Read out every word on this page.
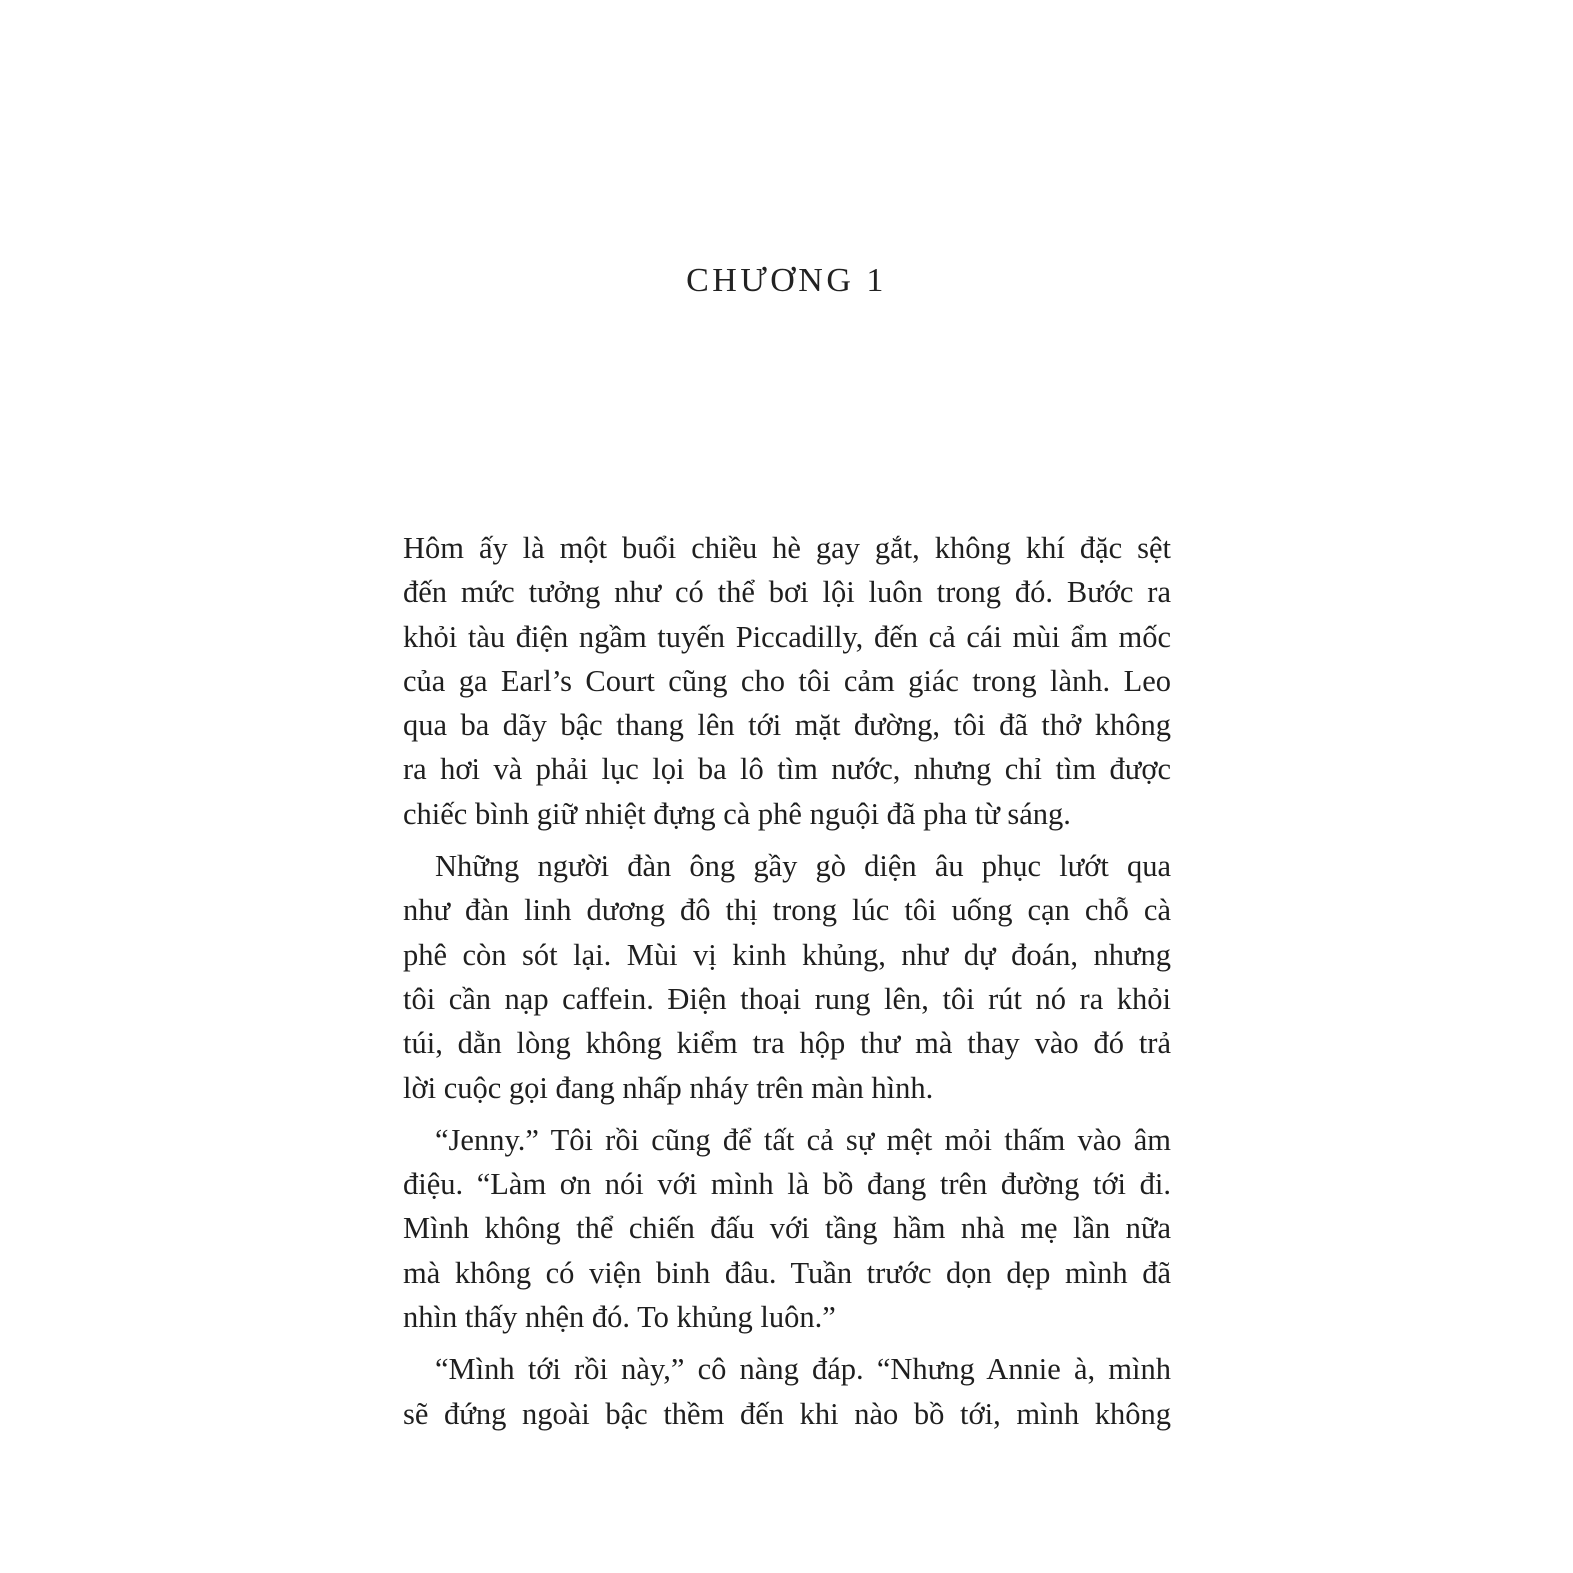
CHƯƠNG 1

Hôm ấy là một buổi chiều hè gay gắt, không khí đặc sệt
đến mức tưởng như có thể bơi lội luôn trong đó. Bước ra
khỏi tàu điện ngầm tuyến Piccadilly, đến cả cái mùi ẩm mốc
của ga Earl’s Court cũng cho tôi cảm giác trong lành. Leo
qua ba dãy bậc thang lên tới mặt đường, tôi đã thở không
ra hơi và phải lục lọi ba lô tìm nước, nhưng chỉ tìm được
chiếc bình giữ nhiệt đựng cà phê nguội đã pha từ sáng.

Những người đàn ông gầy gò diện âu phục lướt qua
như đàn linh dương đô thị trong lúc tôi uống cạn chỗ cà
phê còn sót lại. Mùi vị kinh khủng, như dự đoán, nhưng
tôi cần nạp caffein. Điện thoại rung lên, tôi rút nó ra khỏi
túi, dằn lòng không kiểm tra hộp thư mà thay vào đó trả
lời cuộc gọi đang nhấp nháy trên màn hình.

“Jenny.” Tôi rồi cũng để tất cả sự mệt mỏi thấm vào âm
điệu. “Làm ơn nói với mình là bồ đang trên đường tới đi.
Mình không thể chiến đấu với tầng hầm nhà mẹ lần nữa
mà không có viện binh đâu. Tuần trước dọn dẹp mình đã
nhìn thấy nhện đó. To khủng luôn.”

“Mình tới rồi này,” cô nàng đáp. “Nhưng Annie à, mình
sẽ đứng ngoài bậc thềm đến khi nào bồ tới, mình không
